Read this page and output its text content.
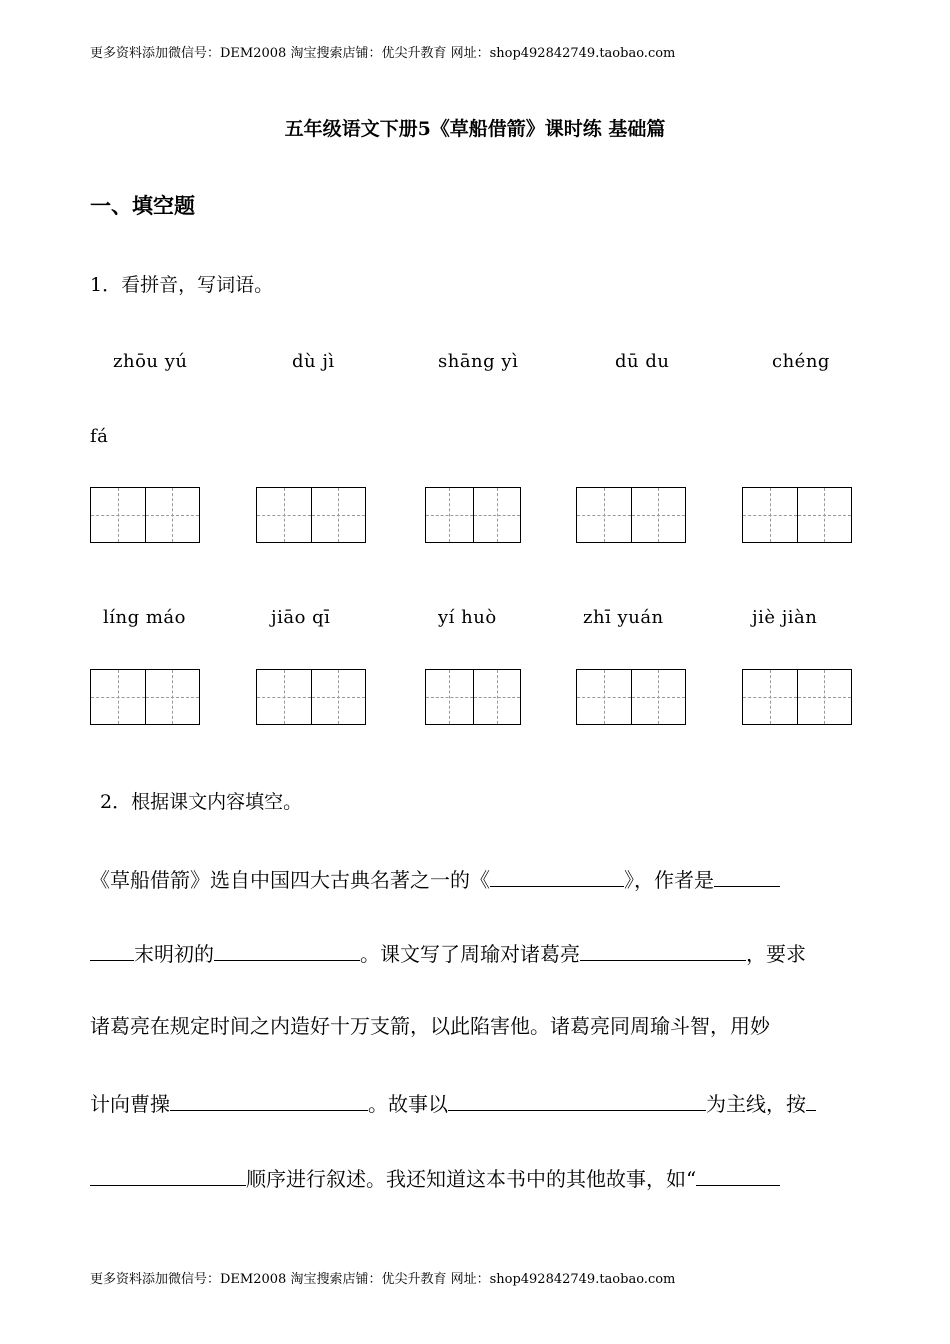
更多资料添加微信号：DEM2008 淘宝搜索店铺：优尖升教育 网址：shop492842749.taobao.com
五年级语文下册5《草船借箭》课时练 基础篇
一、填空题
1．看拼音，写词语。
zhōu yú	dù jì	shāng yì	dū du	chéng
fá
líng máo	jiāo qī	yí huò	zhī yuán	jiè jiàn
2．根据课文内容填空。
《草船借箭》选自中国四大古典名著之一的《	》，作者是
末明初的	。课文写了周瑜对诸葛亮	，要求
诸葛亮在规定时间之内造好十万支箭，以此陷害他。诸葛亮同周瑜斗智，用妙
计向曹操	。故事以	为主线，按
顺序进行叙述。我还知道这本书中的其他故事，如“
更多资料添加微信号：DEM2008 淘宝搜索店铺：优尖升教育 网址：shop492842749.taobao.com
